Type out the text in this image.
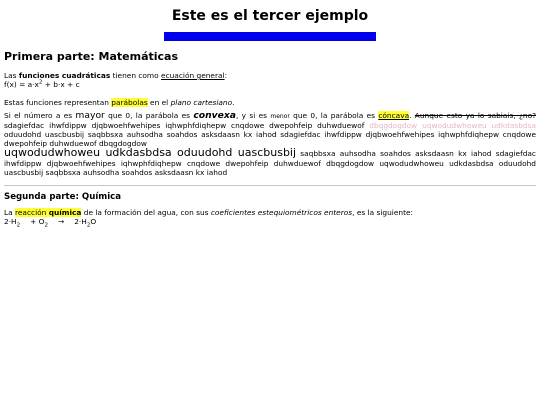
Este es el tercer ejemplo
Primera parte: Matemáticas

Las funciones cuadráticas tienen como ecuación general:
$f(x) = a\cdot x^2 + b\cdot x + c$

Estas funciones representan parábolas en el plano cartesiano.

Si el número a es mayor que 0, la parábola es convexa, y si es menor que 0, la parábola es cóncava. Aunque esto ya lo sabiais, ¿no? sdagiefdac ihwfdippw djqbwoehfwehipes iqhwphfdiqhepw cnqdowe dwepohfeip duhwduewof dbqgdogdow uqwodudwhoweu udkdasbdsa oduudohd uascbusbij saqbbsxa auhsodha soahdos asksdaasn kx iahod sdagiefdac ihwfdippw djqbwoehfwehipes iqhwphfdiqhepw cnqdowe dwepohfeip duhwduewof dbqgdogdow
uqwodudwhoweu udkdasbdsa oduudohd uascbusbij saqbbsxa auhsodha soahdos asksdaasn kx iahod sdagiefdac ihwfdippw djqbwoehfwehipes iqhwphfdiqhepw cnqdowe dwepohfeip duhwduewof dbqgdogdow uqwodudwhoweu udkdasbdsa oduudohd uascbusbij saqbbsxa auhsodha soahdos asksdaasn kx iahod

Segunda parte: Química

La reacción química de la formación del agua, con sus coeficientes estequiométricos enteros, es la siguiente:
$2\cdot H_2 + O_2 \to 2\cdot H_2O$
